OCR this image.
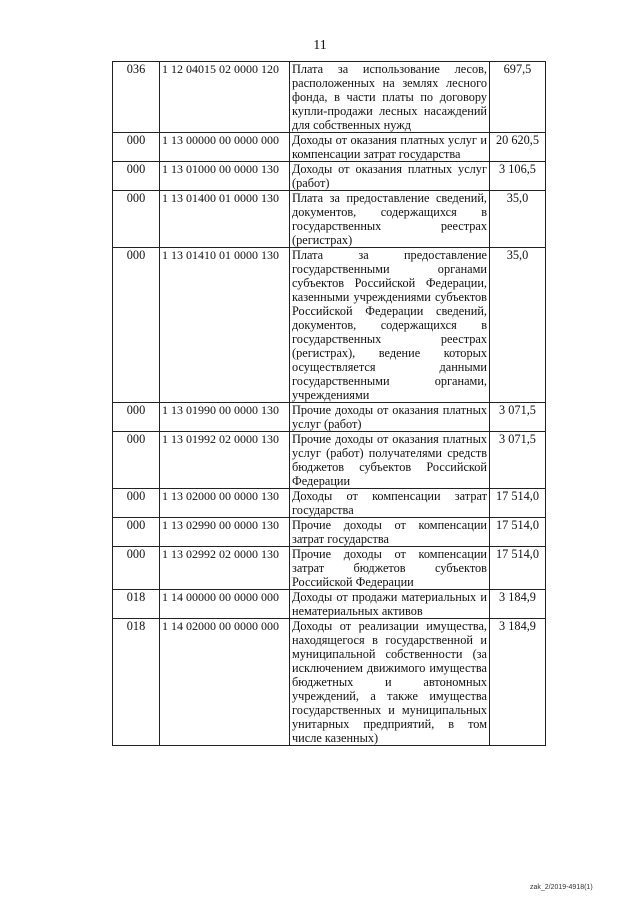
11
036	1 12 04015 02 0000 120	Плата за использование лесов, расположенных на землях лесного фонда, в части платы по договору купли-продажи лесных насаждений для собственных нужд	697,5
000	1 13 00000 00 0000 000	Доходы от оказания платных услуг и компенсации затрат государства	20 620,5
000	1 13 01000 00 0000 130	Доходы от оказания платных услуг (работ)	3 106,5
000	1 13 01400 01 0000 130	Плата за предоставление сведений, документов, содержащихся в государственных реестрах (регистрах)	35,0
000	1 13 01410 01 0000 130	Плата за предоставление государственными органами субъектов Российской Федерации, казенными учреждениями субъектов Российской Федерации сведений, документов, содержащихся в государственных реестрах (регистрах), ведение которых осуществляется данными государственными органами, учреждениями	35,0
000	1 13 01990 00 0000 130	Прочие доходы от оказания платных услуг (работ)	3 071,5
000	1 13 01992 02 0000 130	Прочие доходы от оказания платных услуг (работ) получателями средств бюджетов субъектов Российской Федерации	3 071,5
000	1 13 02000 00 0000 130	Доходы от компенсации затрат государства	17 514,0
000	1 13 02990 00 0000 130	Прочие доходы от компенсации затрат государства	17 514,0
000	1 13 02992 02 0000 130	Прочие доходы от компенсации затрат бюджетов субъектов Российской Федерации	17 514,0
018	1 14 00000 00 0000 000	Доходы от продажи материальных и нематериальных активов	3 184,9
018	1 14 02000 00 0000 000	Доходы от реализации имущества, находящегося в государственной и муниципальной собственности (за исключением движимого имущества бюджетных и автономных учреждений, а также имущества государственных и муниципальных унитарных предприятий, в том числе казенных)	3 184,9
zak_2/2019-4918(1)
